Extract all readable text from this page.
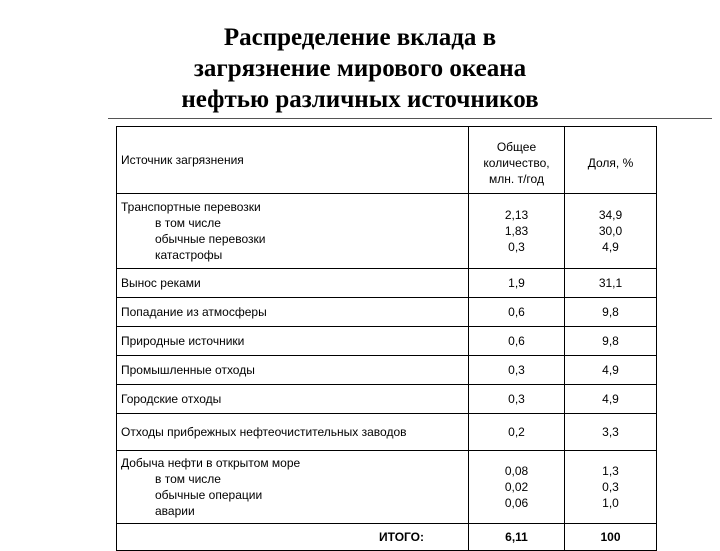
Распределение вклада в
загрязнение мирового океана
нефтью различных источников
Источник загрязнения	Общее
количество,
млн. т/год	Доля, %

Транспортные перевозки
в том числе
обычные перевозки
катастрофы	2,13
1,83
0,3	34,9
30,0
4,9

Вынос реками	1,9	31,1
Попадание из атмосферы	0,6	9,8
Природные источники	0,6	9,8
Промышленные отходы	0,3	4,9
Городские отходы	0,3	4,9
Отходы прибрежных нефтеочистительных заводов	0,2	3,3

Добыча нефти в открытом море
в том числе
обычные операции
аварии	0,08
0,02
0,06	1,3
0,3
1,0

ИТОГО:	6,11	100
